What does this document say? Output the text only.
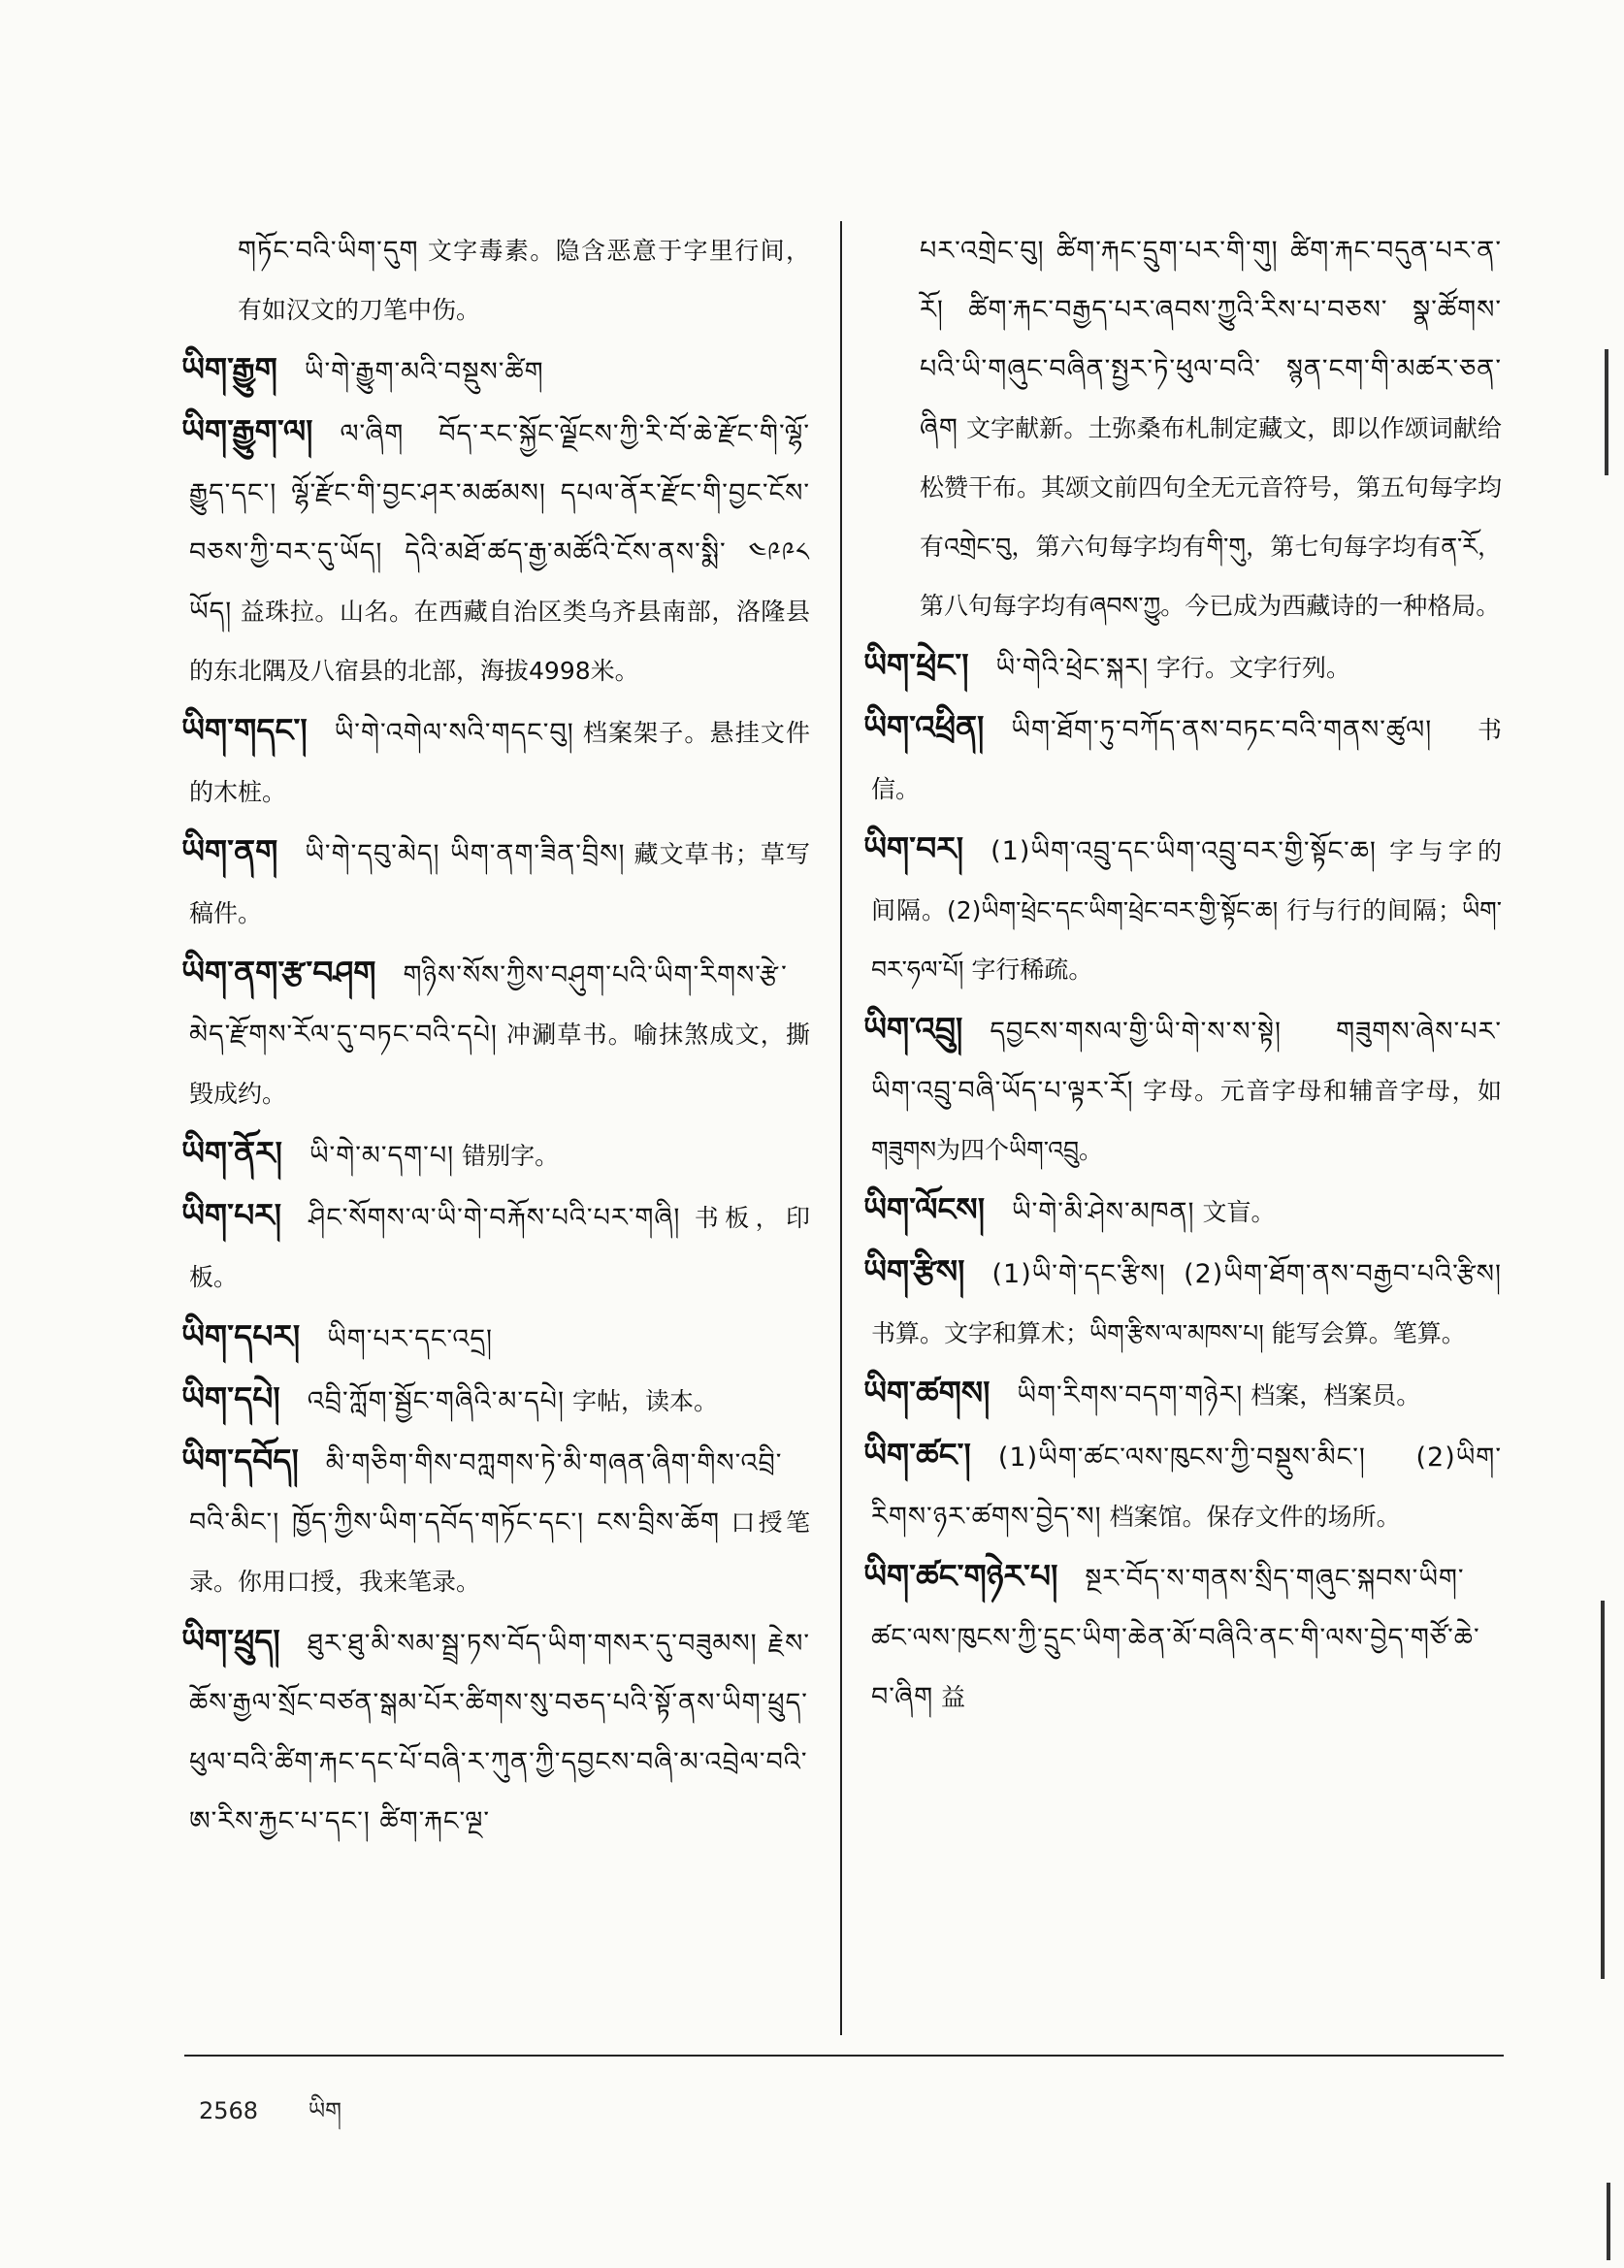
གཏོང་བའི་ཡིག་དུག 文字毒素。隐含恶意于字里行间，有如汉文的刀笔中伤。

ཡིག་རྒྱུག ཡི་གེ་རྒྱུག་མའི་བསྡུས་ཚིག

ཡིག་རྒྱུག་ལ། ལ་ཞིག བོད་རང་སྐྱོང་ལྗོངས་ཀྱི་རི་བོ་ཆེ་རྫོང་གི་ལྷོ་རྒྱུད་དང་། ལྷོ་རྫོང་གི་བྱང་ཤར་མཚམས། དཔལ་ནོར་རྫོང་གི་བྱང་ངོས་བཅས་ཀྱི་བར་དུ་ཡོད། དེའི་མཐོ་ཚད་རྒྱ་མཚོའི་ངོས་ནས་སྨི་ ༤༩༩༨ ཡོད། 益珠拉。山名。在西藏自治区类乌齐县南部，洛隆县的东北隅及八宿县的北部，海拔4998米。

ཡིག་གདང་། ཡི་གེ་འགེལ་སའི་གདང་བུ། 档案架子。悬挂文件的木桩。

ཡིག་ནག ཡི་གེ་དབུ་མེད། ཡིག་ནག་ཟིན་བྲིས། 藏文草书；草写稿件。

ཡིག་ནག་རྩ་བཤག གཉིས་སོས་ཀྱིས་བཤུག་པའི་ཡིག་རིགས་རྩེ་མེད་རྫོགས་རོལ་དུ་བཏང་བའི་དཔེ། 冲涮草书。喻抹煞成文，撕毁成约。

ཡིག་ནོར། ཡི་གེ་མ་དག་པ། 错别字。

ཡིག་པར། ཤིང་སོགས་ལ་ཡི་གེ་བརྐོས་པའི་པར་གཞི། 书板，印板。

ཡིག་དཔར། ཡིག་པར་དང་འདྲ།

ཡིག་དཔེ། འབྲི་ཀློག་སྦྱོང་གཞིའི་མ་དཔེ། 字帖，读本。

ཡིག་དབོད། མི་གཅིག་གིས་བཀླགས་ཏེ་མི་གཞན་ཞིག་གིས་འབྲི་བའི་མིང་། ཁྱོད་ཀྱིས་ཡིག་དབོད་གཏོང་དང་། ངས་བྲིས་ཆོག 口授笔录。你用口授，我来笔录。

ཡིག་ཕྲུད། ཐུར་ཐུ་མི་སམ་སྦྲ་ཏས་བོད་ཡིག་གསར་དུ་བཟུམས། རྗེས་ཆོས་རྒྱལ་སྲོང་བཙན་སྒམ་པོར་ཚིགས་སུ་བཅད་པའི་སྟོ་ནས་ཡིག་ཕྲུད་ཕུལ་བའི་ཚིག་རྐང་དང་པོ་བཞི་ར་ཀུན་ཀྱི་དབྱངས་བཞི་མ་འབྲེལ་བའི་ཨ་རིས་རྐྱང་པ་དང་། ཚིག་རྐང་ལྔ་

པར་འགྲེང་བུ། ཚིག་རྐང་དྲུག་པར་གི་གུ། ཚིག་རྐང་བདུན་པར་ན་རོ། ཚིག་རྐང་བརྒྱད་པར་ཞབས་ཀྱུའི་རིས་པ་བཅས་ སྣ་ཚོགས་པའི་ཡི་གཞུང་བཞིན་སྤྱར་ཏེ་ཕུལ་བའི་ སྙན་ངག་གི་མཚར་ཅན་ཞིག 文字献新。土弥桑布札制定藏文，即以作颂词献给松赞干布。其颂文前四句全无元音符号，第五句每字均有འགྲེང་བུ，第六句每字均有གི་གུ，第七句每字均有ན་རོ，第八句每字均有ཞབས་ཀྱུ。今已成为西藏诗的一种格局。

ཡིག་ཕྲེང་། ཡི་གེའི་ཕྲེང་སྐར། 字行。文字行列。

ཡིག་འཕྲིན། ཡིག་ཐོག་ཏུ་བཀོད་ནས་བཏང་བའི་གནས་ཚུལ། 书信。

ཡིག་བར། (1)ཡིག་འབྲུ་དང་ཡིག་འབྲུ་བར་གྱི་སྟོང་ཆ། 字与字的间隔。(2)ཡིག་ཕྲེང་དང་ཡིག་ཕྲེང་བར་གྱི་སྟོང་ཆ། 行与行的间隔；ཡིག་བར་ཧལ་པོ། 字行稀疏。

ཡིག་འབྲུ། དབྱངས་གསལ་གྱི་ཡི་གེ་ས་ས་སྟེ། གཟུགས་ཞེས་པར་ཡིག་འབྲུ་བཞི་ཡོད་པ་ལྟར་རོ། 字母。元音字母和辅音字母，如གཟུགས为四个ཡིག་འབྲུ。

ཡིག་ལོངས། ཡི་གེ་མི་ཤེས་མཁན། 文盲。

ཡིག་རྩིས། (1)ཡི་གེ་དང་རྩིས། (2)ཡིག་ཐོག་ནས་བརྒྱབ་པའི་རྩིས། 书算。文字和算术；ཡིག་རྩིས་ལ་མཁས་པ། 能写会算。笔算。

ཡིག་ཚགས། ཡིག་རིགས་བདག་གཉེར། 档案，档案员。

ཡིག་ཚང་། (1)ཡིག་ཚང་ལས་ཁུངས་ཀྱི་བསྡུས་མིང་། (2)ཡིག་རིགས་ཉར་ཚགས་བྱེད་ས། 档案馆。保存文件的场所。

ཡིག་ཚང་གཉེར་པ། སྔར་བོད་ས་གནས་སྲིད་གཞུང་སྐབས་ཡིག་ཚང་ལས་ཁུངས་ཀྱི་དྲུང་ཡིག་ཆེན་མོ་བཞིའི་ནང་གི་ལས་བྱེད་གཙོ་ཆེ་བ་ཞིག 益

2568 ཡིག
